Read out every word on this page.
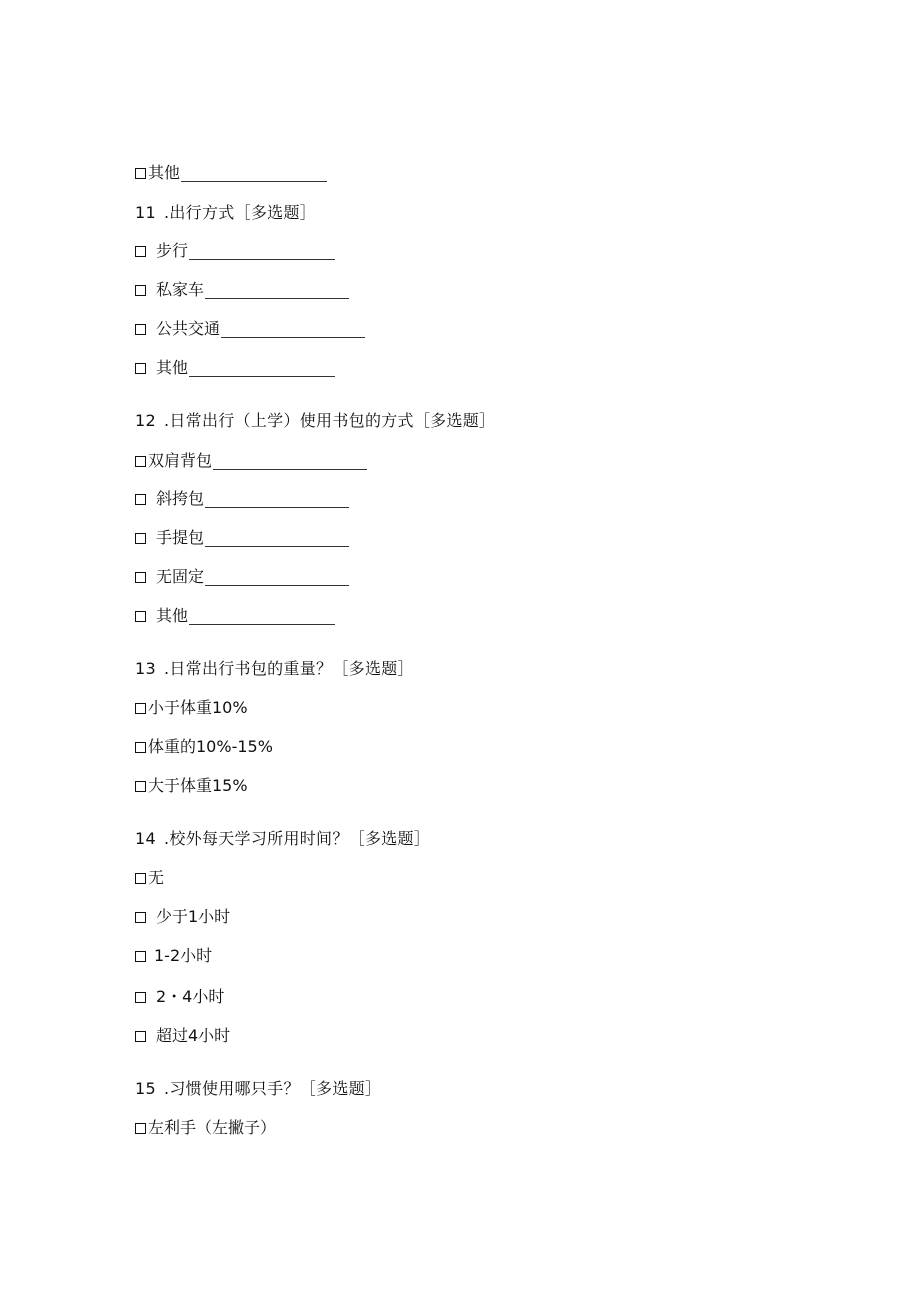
其他
11 .出行方式［多选题］
步行
私家车
公共交通
其他
12 .日常出行（上学）使用书包的方式［多选题］
双肩背包
斜挎包
手提包
无固定
其他
13 .日常出行书包的重量？［多选题］
小于体重10%
体重的10%-15%
大于体重15%
14 .校外每天学习所用时间？［多选题］
无
少于1小时
1-2小时
2・4小时
超过4小时
15 .习惯使用哪只手？［多选题］
左利手（左撇子）
